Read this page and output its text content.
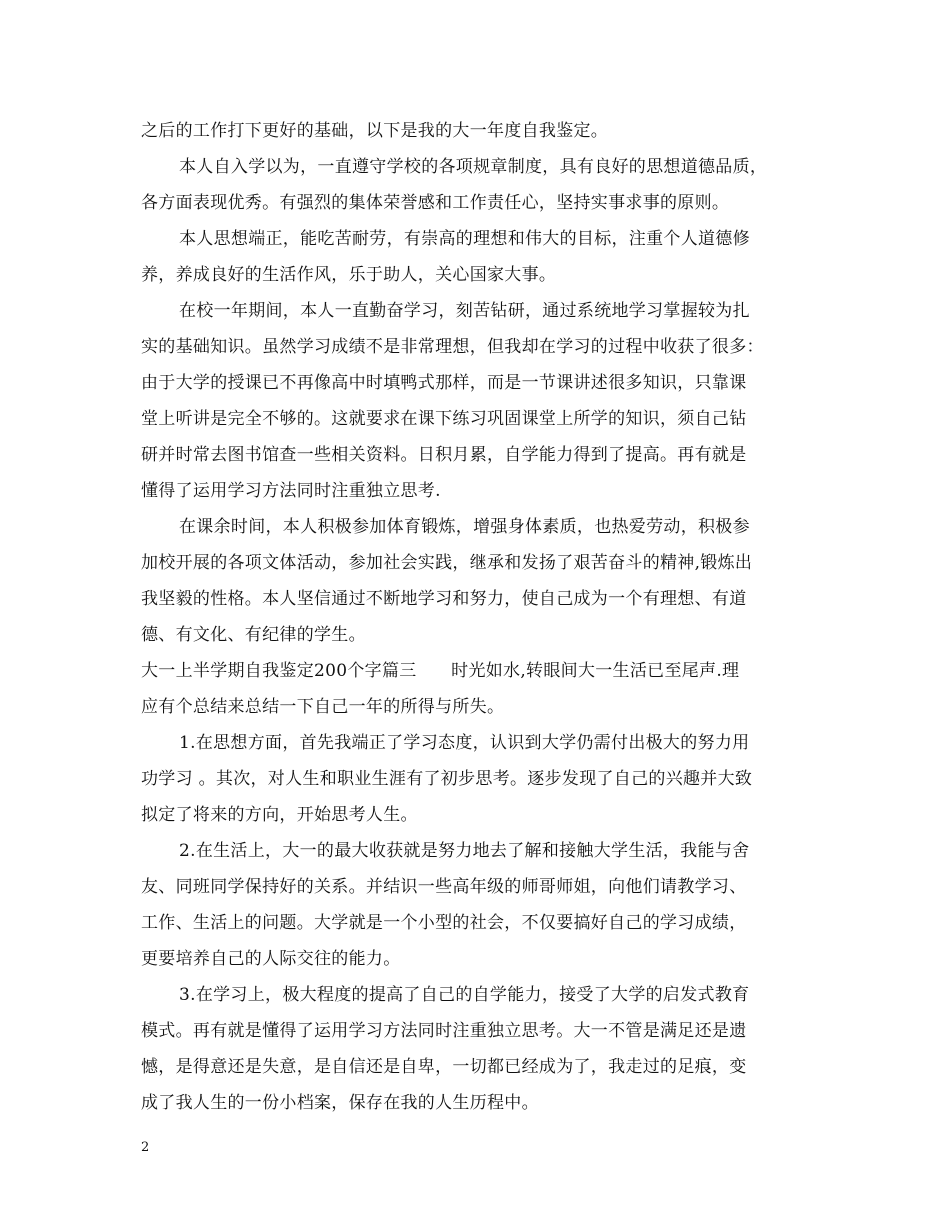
之后的工作打下更好的基础，以下是我的大一年度自我鉴定。
本人自入学以为，一直遵守学校的各项规章制度，具有良好的思想道德品质，
各方面表现优秀。有强烈的集体荣誉感和工作责任心，坚持实事求事的原则。
本人思想端正，能吃苦耐劳，有崇高的理想和伟大的目标，注重个人道德修
养，养成良好的生活作风，乐于助人，关心国家大事。
在校一年期间，本人一直勤奋学习，刻苦钻研，通过系统地学习掌握较为扎
实的基础知识。虽然学习成绩不是非常理想，但我却在学习的过程中收获了很多：
由于大学的授课已不再像高中时填鸭式那样，而是一节课讲述很多知识，只靠课
堂上听讲是完全不够的。这就要求在课下练习巩固课堂上所学的知识，须自己钻
研并时常去图书馆查一些相关资料。日积月累，自学能力得到了提高。再有就是
懂得了运用学习方法同时注重独立思考.
在课余时间，本人积极参加体育锻炼，增强身体素质，也热爱劳动，积极参
加校开展的各项文体活动，参加社会实践，继承和发扬了艰苦奋斗的精神,锻炼出
我坚毅的性格。本人坚信通过不断地学习和努力，使自己成为一个有理想、有道
德、有文化、有纪律的学生。
大一上半学期自我鉴定200个字篇三　　时光如水,转眼间大一生活已至尾声.理
应有个总结来总结一下自己一年的所得与所失。
1.在思想方面，首先我端正了学习态度，认识到大学仍需付出极大的努力用
功学习 。其次，对人生和职业生涯有了初步思考。逐步发现了自己的兴趣并大致
拟定了将来的方向，开始思考人生。
2.在生活上，大一的最大收获就是努力地去了解和接触大学生活，我能与舍
友、同班同学保持好的关系。并结识一些高年级的师哥师姐，向他们请教学习、
工作、生活上的问题。大学就是一个小型的社会，不仅要搞好自己的学习成绩，
更要培养自己的人际交往的能力。
3.在学习上，极大程度的提高了自己的自学能力，接受了大学的启发式教育
模式。再有就是懂得了运用学习方法同时注重独立思考。大一不管是满足还是遗
憾，是得意还是失意，是自信还是自卑，一切都已经成为了，我走过的足痕，变
成了我人生的一份小档案，保存在我的人生历程中。
2
